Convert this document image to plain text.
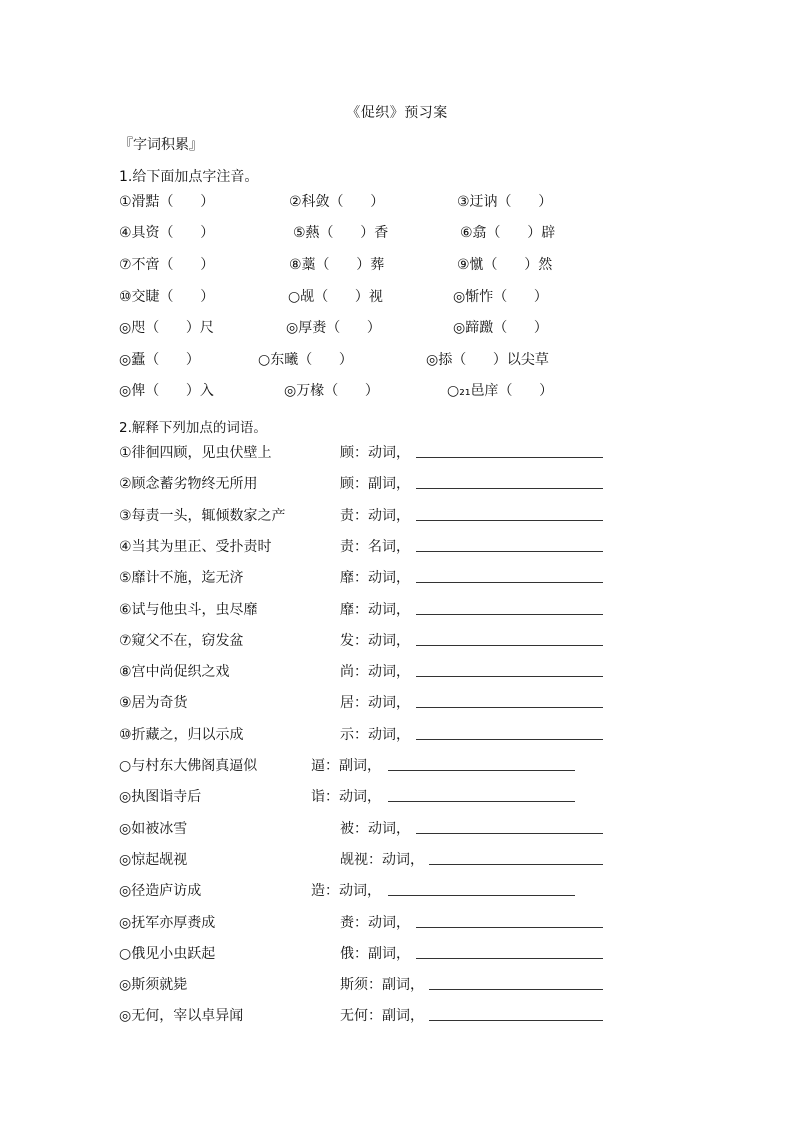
《促织》预习案
『字词积累』
1.给下面加点字注音。
①滑黠（      ）	②科敛（      ）	③迂讷（      ）
④具资（      ）	⑤爇（      ）香	⑥翕（      ）辟
⑦不啻（      ）	⑧藁（      ）葬	⑨憱（      ）然
⑩交睫（      ）	○觇（      ）视	◎惭怍（      ）
◎咫（      ）尺	◎厚赉（      ）	◎蹄躈（      ）
◎蠹（      ）	○东曦（      ）	◎掭（      ）以尖草
◎俾（      ）入	◎万椽（      ）	○₂₁邑庠（      ）
2.解释下列加点的词语。
①徘徊四顾，见虫伏壁上	顾：动词，
②顾念蓄劣物终无所用	顾：副词，
③每责一头，辄倾数家之产	责：动词，
④当其为里正、受扑责时	责：名词，
⑤靡计不施，迄无济	靡：动词，
⑥试与他虫斗，虫尽靡	靡：动词，
⑦窥父不在，窃发盆	发：动词，
⑧宫中尚促织之戏	尚：动词，
⑨居为奇货	居：动词，
⑩折藏之，归以示成	示：动词，
○与村东大佛阁真逼似	逼：副词，
◎执图诣寺后	诣：动词，
◎如被冰雪	被：动词，
◎惊起觇视	觇视：动词，
◎径造庐访成	造：动词，
◎抚军亦厚赉成	赉：动词，
○俄见小虫跃起	俄：副词，
◎斯须就毙	斯须：副词，
◎无何，宰以卓异闻	无何：副词，
